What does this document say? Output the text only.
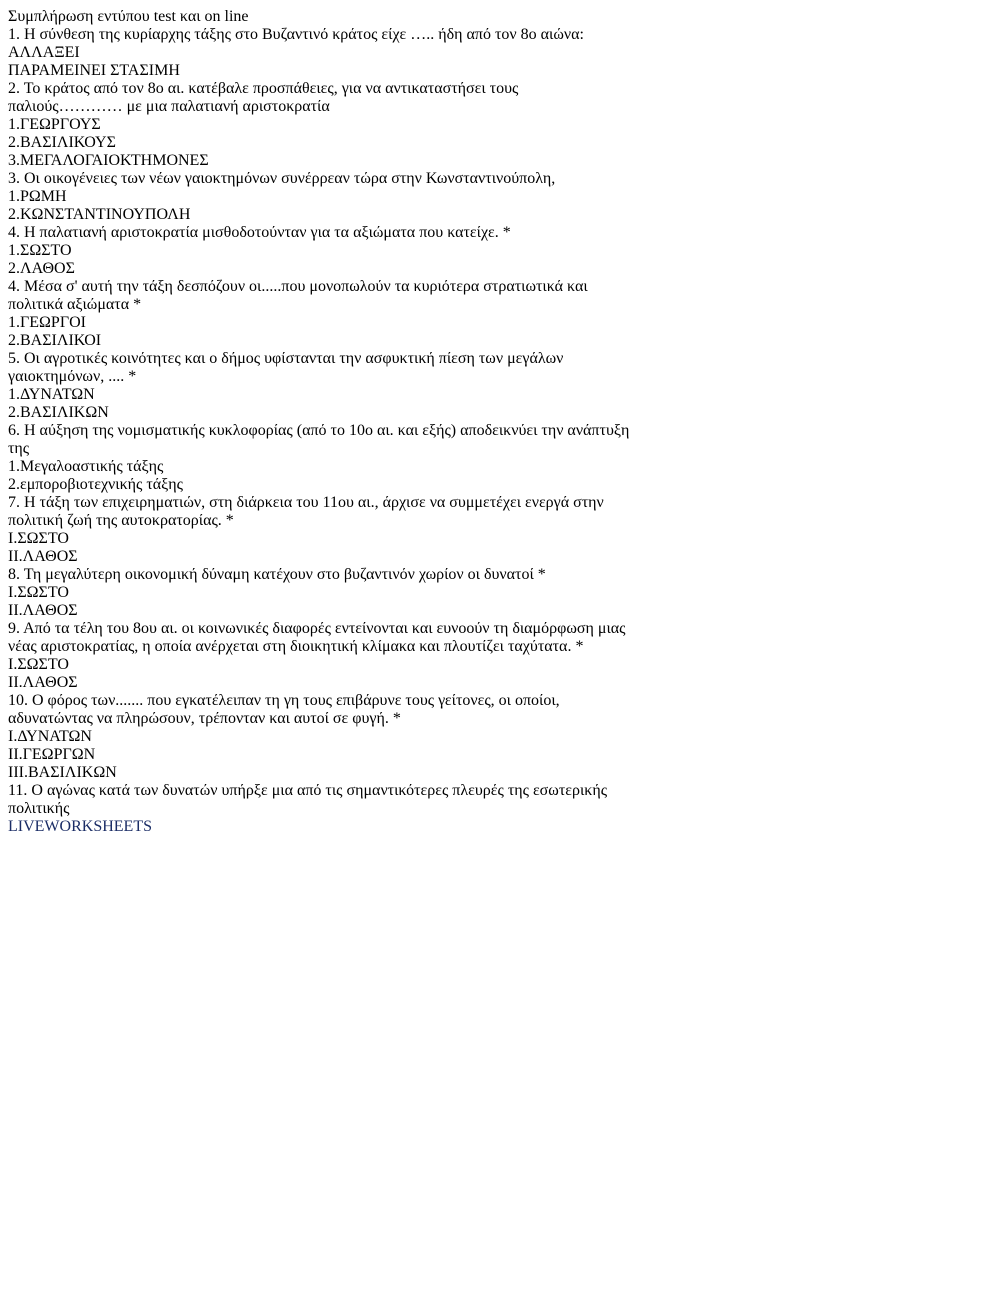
Συμπλήρωση εντύπου test και on line
1. Η σύνθεση της κυρίαρχης τάξης στο Βυζαντινό κράτος είχε ….. ήδη από τον 8ο αιώνα:
ΑΛΛΑΞΕΙ
ΠΑΡΑΜΕΙΝΕΙ ΣΤΑΣΙΜΗ
2. Το κράτος από τον 8ο αι. κατέβαλε προσπάθειες, για να αντικαταστήσει τους
παλιούς………… με μια παλατιανή αριστοκρατία
1.ΓΕΩΡΓΟΥΣ
2.ΒΑΣΙΛΙΚΟΥΣ
3.ΜΕΓΑΛΟΓΑΙΟΚΤΗΜΟΝΕΣ
3. Οι οικογένειες των νέων γαιοκτημόνων συνέρρεαν τώρα στην Κωνσταντινούπολη,
1.ΡΩΜΗ
2.ΚΩΝΣΤΑΝΤΙΝΟΥΠΟΛΗ
4. Η παλατιανή αριστοκρατία μισθοδοτούνταν για τα αξιώματα που κατείχε. *
1.ΣΩΣΤΟ
2.ΛΑΘΟΣ
4. Μέσα σ' αυτή την τάξη δεσπόζουν οι.....που μονοπωλούν τα κυριότερα στρατιωτικά και
πολιτικά αξιώματα *
1.ΓΕΩΡΓΟΙ
2.ΒΑΣΙΛΙΚΟΙ
5. Οι αγροτικές κοινότητες και ο δήμος υφίστανται την ασφυκτική πίεση των μεγάλων
γαιοκτημόνων, .... *
1.ΔΥΝΑΤΩΝ
2.ΒΑΣΙΛΙΚΩΝ
6. Η αύξηση της νομισματικής κυκλοφορίας (από το 10ο αι. και εξής) αποδεικνύει την ανάπτυξη
της
1.Μεγαλοαστικής τάξης
2.εμποροβιοτεχνικής τάξης
7. Η τάξη των επιχειρηματιών, στη διάρκεια του 11ου αι., άρχισε να συμμετέχει ενεργά στην
πολιτική ζωή της αυτοκρατορίας. *
I.ΣΩΣΤΟ
II.ΛΑΘΟΣ
8. Τη μεγαλύτερη οικονομική δύναμη κατέχουν στο βυζαντινόν χωρίον οι δυνατοί *
I.ΣΩΣΤΟ
II.ΛΑΘΟΣ
9. Από τα τέλη του 8ου αι. οι κοινωνικές διαφορές εντείνονται και ευνοούν τη διαμόρφωση μιας
νέας αριστοκρατίας, η οποία ανέρχεται στη διοικητική κλίμακα και πλουτίζει ταχύτατα. *
I.ΣΩΣΤΟ
II.ΛΑΘΟΣ
10. Ο φόρος των....... που εγκατέλειπαν τη γη τους επιβάρυνε τους γείτονες, οι οποίοι,
αδυνατώντας να πληρώσουν, τρέπονταν και αυτοί σε φυγή. *
I.ΔΥΝΑΤΩΝ
II.ΓΕΩΡΓΩΝ
III.ΒΑΣΙΛΙΚΩΝ
11. Ο αγώνας κατά των δυνατών υπήρξε μια από τις σημαντικότερες πλευρές της εσωτερικής
πολιτικής
LIVEWORKSHEETS
